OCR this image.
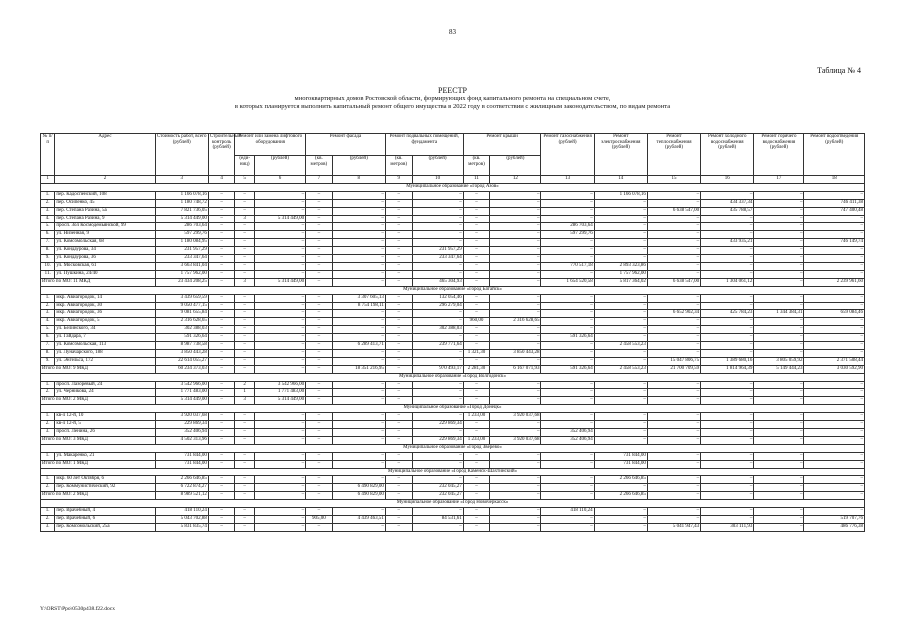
83
Таблица № 4
РЕЕСТР
многоквартирных домов Ростовской области, формирующих фонд капитального ремонта на специальном счете,
в которых планируется выполнить капитальный ремонт общего имущества в 2022 году в соответствии с жилищным законодательством, по видам ремонта
№ п/п	Адрес	Стоимость работ, всего (рублей)	Строительный контроль (рублей)	Ремонт или замена лифтового оборудования		Ремонт фасада		Ремонт подвальных помещений, фундамента		Ремонт крыши		Ремонт газоснабжения (рублей)	Ремонт электроснабжения (рублей)	Ремонт теплоснабжения (рублей)	Ремонт холодного водоснабжения (рублей)	Ремонт горячего водоснабжения (рублей)	Ремонт водоотведения (рублей)
				(еди- ниц)	(рублей)	(кв. метров)	(рублей)	(кв. метров)	(рублей)	(кв. метров)	(рублей)						
1	2	3	4	5	6	7	8	9	10	11	12	13	14	15	16	17	18
Муниципальное образование «Город Азов»																	
1.	пер. Кадоспенский, 108	1 166 078,16	–	–	–	–	–	–	–	–	–	–	1 166 078,16	–	–	–	–
2.	пер. Осипенко, 45	1 180 748,72	–	–	–	–	–	–	–	–	–	–	–	–	434 337,34	–	746 411,38
3.	пер. Степана Разина, 5а	7 821 736,05	–	–	–	–	–	–	–	–	–	–	–	6 638 547,00	435 788,57	–	747 400,48
4.	пер. Степана Разина, 9	5 314 449,00	–	3	5 314 449,00	–	–	–	–	–	–	–	–	–	–	–	–
5.	просп. Зол Космодемьянской, 99	286 703,64	–	–	–	–	–	–	–	–	–	286 703,64	–	–	–	–	–
6.	ул. Низенная, 9	597 299,76	–	–	–	–	–	–	–	–	–	597 299,76	–	–	–	–	–
7.	ул. Комсомольская, 68	1 180 084,95	–	–	–	–	–	–	–	–	–	–	–	–	433 935,21	–	746 149,74
8.	ул. Кондаурова, 34	231 957,29	–	–	–	–	–	–	231 957,29	–	–	–	–	–	–	–	–
9.	ул. Кондаурова, 36	233 347,64	–	–	–	–	–	–	233 347,64	–	–	–	–	–	–	–	–
10.	ул. Московская, 61	3 663 841,04	–	–	–	–	–	–	–	–	–	770 517,18	2 893 323,86	–	–	–	–
11.	ул. Пушкина, 24/40	1 757 962,00	–	–	–	–	–	–	–	–	–	–	1 757 962,00	–	–	–	–
Итого по МО: 11 МКД		23 434 208,25	–	3	5 314 449,00	–	–	–	465 304,93	–	–	1 654 520,58	5 817 364,02	6 638 547,00	1 304 061,12	–	2 239 961,60
Муниципальное образование «Город Батайск»																	
1.	мкр. Авиагородок, 14	3 439 659,59	–	–	–	–	3 307 605,13	–	132 054,46	–	–	–	–	–	–	–	–
2.	мкр. Авиагородок, 30	9 050 477,15	–	–	–	–	8 754 198,11	–	296 279,04	–	–	–	–	–	–	–	–
3.	мкр. Авиагородок, 36	9 081 655,84	–	–	–	–	–	–	–	–	–	–	–	6 652 902,34	425 784,23	1 344 384,31	659 084,46
4.	мкр. Авиагородок, 5	2 316 628,65	–	–	–	–	–	–	–	960,00	2 316 628,65	–	–	–	–	–	–
5.	ул. Белинского, 34	302 388,03	–	–	–	–	–	–	302 388,03	–	–	–	–	–	–	–	–
6.	ул. Гайдара, 7	591 326,64	–	–	–	–	–	–	–	–	–	591 326,64	–	–	–	–	–
7.	ул. Комсомольская, 113	8 987 738,58	–	–	–	–	6 289 413,71	–	239 771,64	–	–	–	2 458 553,23	–	–	–	–
8.	ул. Луначарского, 188	3 850 443,28	–	–	–	–	–	–	–	1 321,30	3 850 443,28	–	–	–	–	–	–
9.	ул. Энгельса, 172	22 614 055,27	–	–	–	–	–	–	–	–	–	–	–	15 047 806,75	1 389 680,16	3 805 059,92	2 371 508,44
Итого по МО: 9 МКД		60 234 373,03	–	–	–	–	18 351 216,95	–	970 493,17	2 281,30	6 167 071,93	591 326,64	2 458 553,23	21 700 709,59	1 814 964,39	5 149 444,23	3 030 592,90
Муниципальное образование «Город Волгодонск»																	
1.	просп. Лазоревый, 24	3 542 966,00	–	2	3 542 966,00	–	–	–	–	–	–	–	–	–	–	–	–
2.	ул. Черникова, 24	1 771 483,00	–	1	1 771 483,00	–	–	–	–	–	–	–	–	–	–	–	–
Итого по МО: 2 МКД		5 314 449,00	–	3	5 314 449,00	–	–	–	–	–	–	–	–	–	–	–	–
Муниципальное образование «Город Донецк»																	
1.	кв-л 12-й, 10	3 920 037,68	–	–	–	–	–	–	–	1 233,00	3 920 037,68	–	–	–	–	–	–
2.	кв-л 12-й, 5	229 869,34	–	–	–	–	–	–	229 869,34	–	–	–	–	–	–	–	–
3.	просп. Ленина, 26	352 406,94	–	–	–	–	–	–	–	–	–	352 406,94	–	–	–	–	–
Итого по МО: 3 МКД		4 502 313,96	–	–	–	–	–	–	229 869,34	1 233,00	3 920 037,68	352 406,94	–	–	–	–	–
Муниципальное образование «Город Зверево»																	
1.	ул. Макаренко, 21	731 844,00	–	–	–	–	–	–	–	–	–	–	731 844,00	–	–	–	–
Итого по МО: 1 МКД		731 844,00	–	–	–	–	–	–	–	–	–	–	731 844,00	–	–	–	–
Муниципальное образование «Город Каменск-Шахтинский»																	
1.	мкр. 60 лет Октября, 6	2 266 646,85	–	–	–	–	–	–	–	–	–	–	2 266 646,85	–	–	–	–
2.	пер. Коммунистический, 92	6 722 874,27	–	–	–	–	6 490 829,00	–	232 045,27	–	–	–	–	–	–	–	–
Итого по МО: 2 МКД		8 989 521,12	–	–	–	–	6 490 829,00	–	232 045,27	–	–	–	2 266 646,85	–	–	–	–
Муниципальное образование «Город Новочеркасск»																	
1.	пер. Врачебный, 4	418 110,24	–	–	–	–	–	–	–	–	–	418 110,24	–	–	–	–	–
2.	пер. Врачебный, 6	5 043 702,88	–	–	–	905,00	4 439 463,51	–	84 531,61	–	–	–	–	–	–	–	519 707,76
3.	пер. Комсомольский, 25а	5 831 835,74	–	–	–	–	–	–	–	–	–	–	–	5 041 947,43	303 111,93	–	486 776,38
Y:\ORST\Ppo\0530p438.f22.docx
